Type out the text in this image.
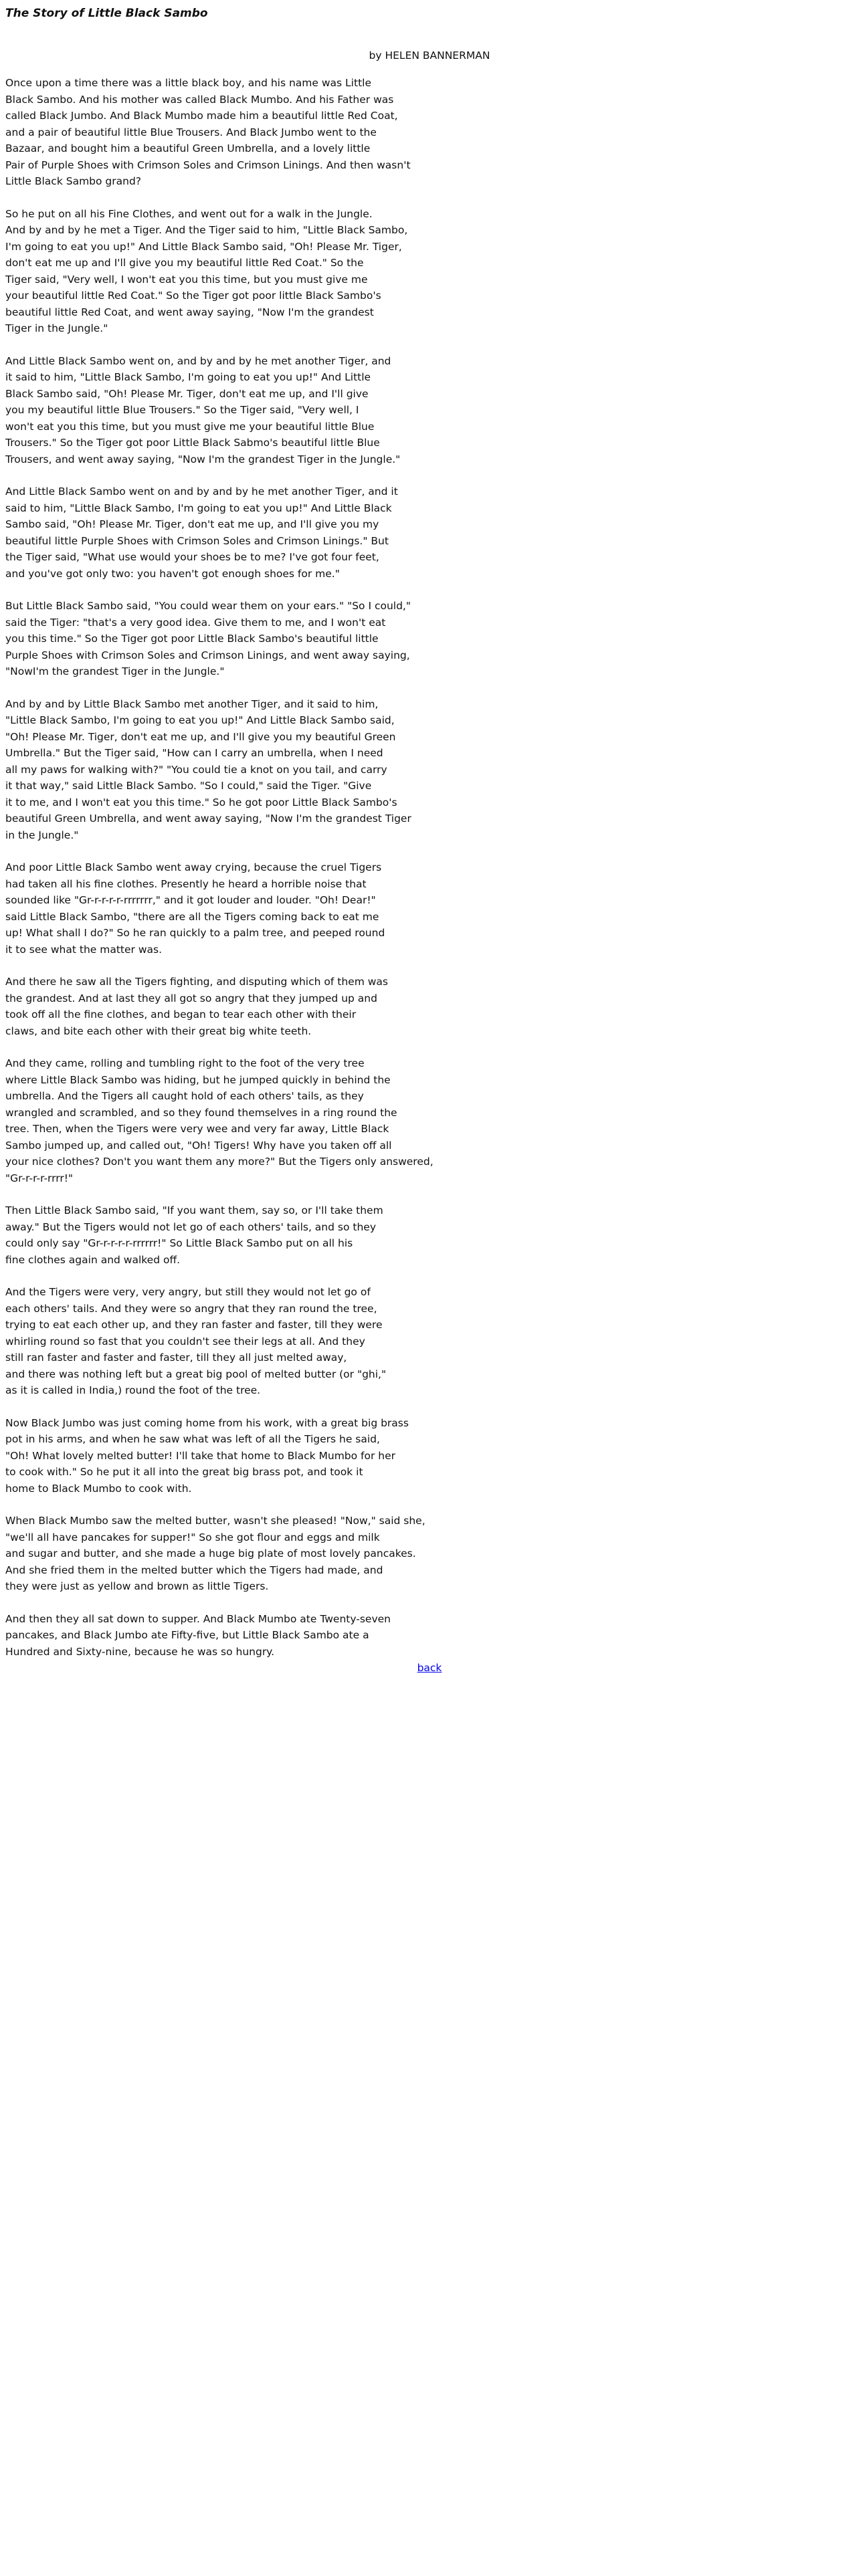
The Story of Little Black Sambo
by HELEN BANNERMAN

Once upon a time there was a little black boy, and his name was Little
Black Sambo. And his mother was called Black Mumbo. And his Father was
called Black Jumbo. And Black Mumbo made him a beautiful little Red Coat,
and a pair of beautiful little Blue Trousers. And Black Jumbo went to the
Bazaar, and bought him a beautiful Green Umbrella, and a lovely little
Pair of Purple Shoes with Crimson Soles and Crimson Linings. And then wasn't
Little Black Sambo grand?

So he put on all his Fine Clothes, and went out for a walk in the Jungle.
And by and by he met a Tiger. And the Tiger said to him, "Little Black Sambo,
I'm going to eat you up!" And Little Black Sambo said, "Oh! Please Mr. Tiger,
don't eat me up and I'll give you my beautiful little Red Coat." So the
Tiger said, "Very well, I won't eat you this time, but you must give me
your beautiful little Red Coat." So the Tiger got poor little Black Sambo's
beautiful little Red Coat, and went away saying, "Now I'm the grandest
Tiger in the Jungle."

And Little Black Sambo went on, and by and by he met another Tiger, and
it said to him, "Little Black Sambo, I'm going to eat you up!" And Little
Black Sambo said, "Oh! Please Mr. Tiger, don't eat me up, and I'll give
you my beautiful little Blue Trousers." So the Tiger said, "Very well, I
won't eat you this time, but you must give me your beautiful little Blue
Trousers." So the Tiger got poor Little Black Sabmo's beautiful little Blue
Trousers, and went away saying, "Now I'm the grandest Tiger in the Jungle."

And Little Black Sambo went on and by and by he met another Tiger, and it
said to him, "Little Black Sambo, I'm going to eat you up!" And Little Black
Sambo said, "Oh! Please Mr. Tiger, don't eat me up, and I'll give you my
beautiful little Purple Shoes with Crimson Soles and Crimson Linings." But
the Tiger said, "What use would your shoes be to me? I've got four feet,
and you've got only two: you haven't got enough shoes for me."

But Little Black Sambo said, "You could wear them on your ears." "So I could,"
said the Tiger: "that's a very good idea. Give them to me, and I won't eat
you this time." So the Tiger got poor Little Black Sambo's beautiful little
Purple Shoes with Crimson Soles and Crimson Linings, and went away saying,
"NowI'm the grandest Tiger in the Jungle."

And by and by Little Black Sambo met another Tiger, and it said to him,
"Little Black Sambo, I'm going to eat you up!" And Little Black Sambo said,
"Oh! Please Mr. Tiger, don't eat me up, and I'll give you my beautiful Green
Umbrella." But the Tiger said, "How can I carry an umbrella, when I need
all my paws for walking with?" "You could tie a knot on you tail, and carry
it that way," said Little Black Sambo. "So I could," said the Tiger. "Give
it to me, and I won't eat you this time." So he got poor Little Black Sambo's
beautiful Green Umbrella, and went away saying, "Now I'm the grandest Tiger
in the Jungle."

And poor Little Black Sambo went away crying, because the cruel Tigers
had taken all his fine clothes. Presently he heard a horrible noise that
sounded like "Gr-r-r-r-r-rrrrrrr," and it got louder and louder. "Oh! Dear!"
said Little Black Sambo, "there are all the Tigers coming back to eat me
up! What shall I do?" So he ran quickly to a palm tree, and peeped round
it to see what the matter was.

And there he saw all the Tigers fighting, and disputing which of them was
the grandest. And at last they all got so angry that they jumped up and
took off all the fine clothes, and began to tear each other with their
claws, and bite each other with their great big white teeth.

And they came, rolling and tumbling right to the foot of the very tree
where Little Black Sambo was hiding, but he jumped quickly in behind the
umbrella. And the Tigers all caught hold of each others' tails, as they
wrangled and scrambled, and so they found themselves in a ring round the
tree. Then, when the Tigers were very wee and very far away, Little Black
Sambo jumped up, and called out, "Oh! Tigers! Why have you taken off all
your nice clothes? Don't you want them any more?" But the Tigers only answered,
"Gr-r-r-r-rrrr!"

Then Little Black Sambo said, "If you want them, say so, or I'll take them
away." But the Tigers would not let go of each others' tails, and so they
could only say "Gr-r-r-r-r-rrrrrr!" So Little Black Sambo put on all his
fine clothes again and walked off.

And the Tigers were very, very angry, but still they would not let go of
each others' tails. And they were so angry that they ran round the tree,
trying to eat each other up, and they ran faster and faster, till they were
whirling round so fast that you couldn't see their legs at all. And they
still ran faster and faster and faster, till they all just melted away,
and there was nothing left but a great big pool of melted butter (or "ghi,"
as it is called in India,) round the foot of the tree.

Now Black Jumbo was just coming home from his work, with a great big brass
pot in his arms, and when he saw what was left of all the Tigers he said,
"Oh! What lovely melted butter! I'll take that home to Black Mumbo for her
to cook with." So he put it all into the great big brass pot, and took it
home to Black Mumbo to cook with.

When Black Mumbo saw the melted butter, wasn't she pleased! "Now," said she,
"we'll all have pancakes for supper!" So she got flour and eggs and milk
and sugar and butter, and she made a huge big plate of most lovely pancakes.
And she fried them in the melted butter which the Tigers had made, and
they were just as yellow and brown as little Tigers.

And then they all sat down to supper. And Black Mumbo ate Twenty-seven
pancakes, and Black Jumbo ate Fifty-five, but Little Black Sambo ate a
Hundred and Sixty-nine, because he was so hungry.

back
